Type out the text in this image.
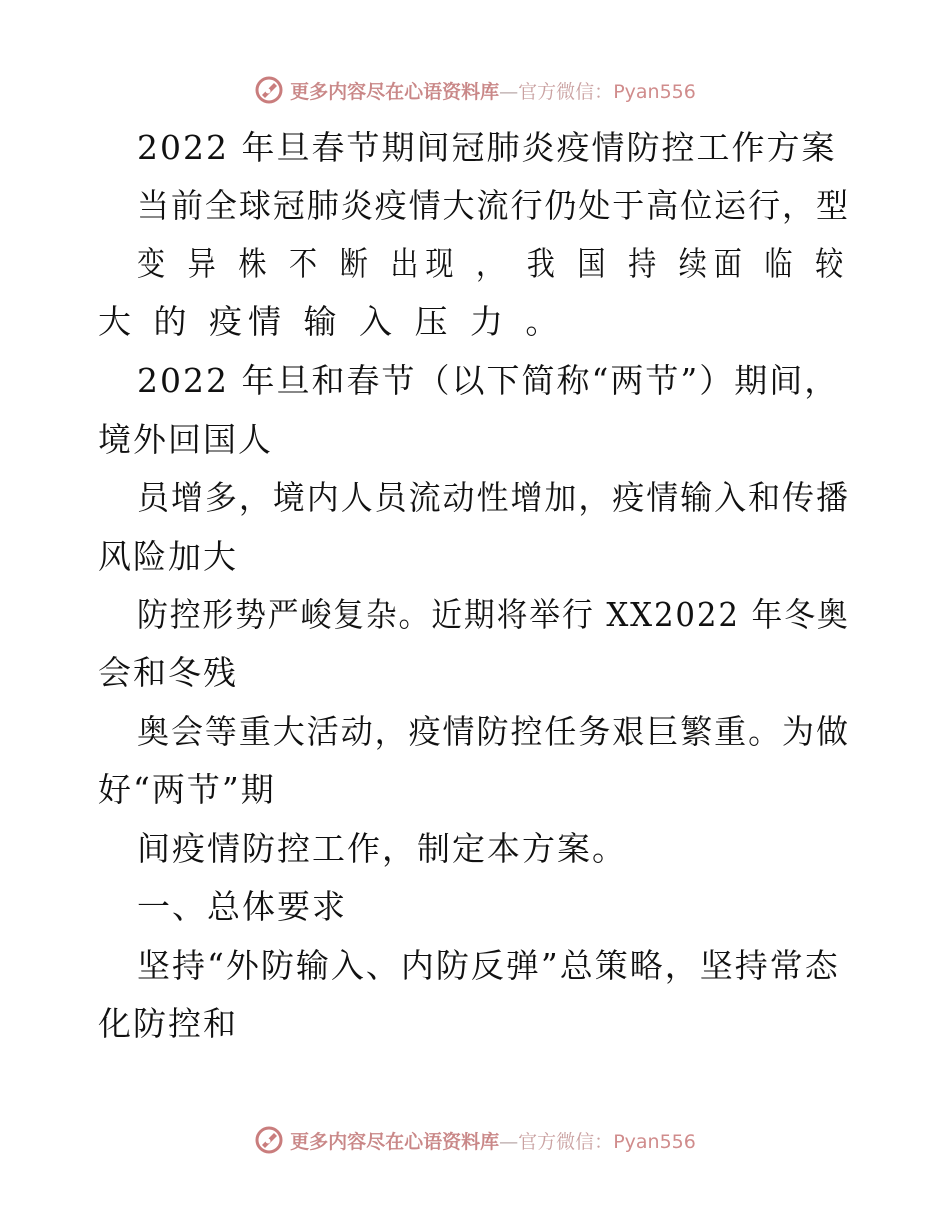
更多内容尽在心语资料库—官方微信：Pyan556
2022 年旦春节期间冠肺炎疫情防控工作方案
当前全球冠肺炎疫情大流行仍处于高位运行，型
变 异 株 不 断 出现 ， 我 国 持 续面 临 较
大 的 疫情 输 入 压 力 。
2022 年旦和春节（以下简称“两节”）期间，
境外回国人
员增多，境内人员流动性增加，疫情输入和传播
风险加大
防控形势严峻复杂。近期将举行 XX2022 年冬奥
会和冬残
奥会等重大活动，疫情防控任务艰巨繁重。为做
好“两节”期
间疫情防控工作，制定本方案。
一、总体要求
坚持“外防输入、内防反弹”总策略，坚持常态
化防控和
更多内容尽在心语资料库—官方微信：Pyan556
